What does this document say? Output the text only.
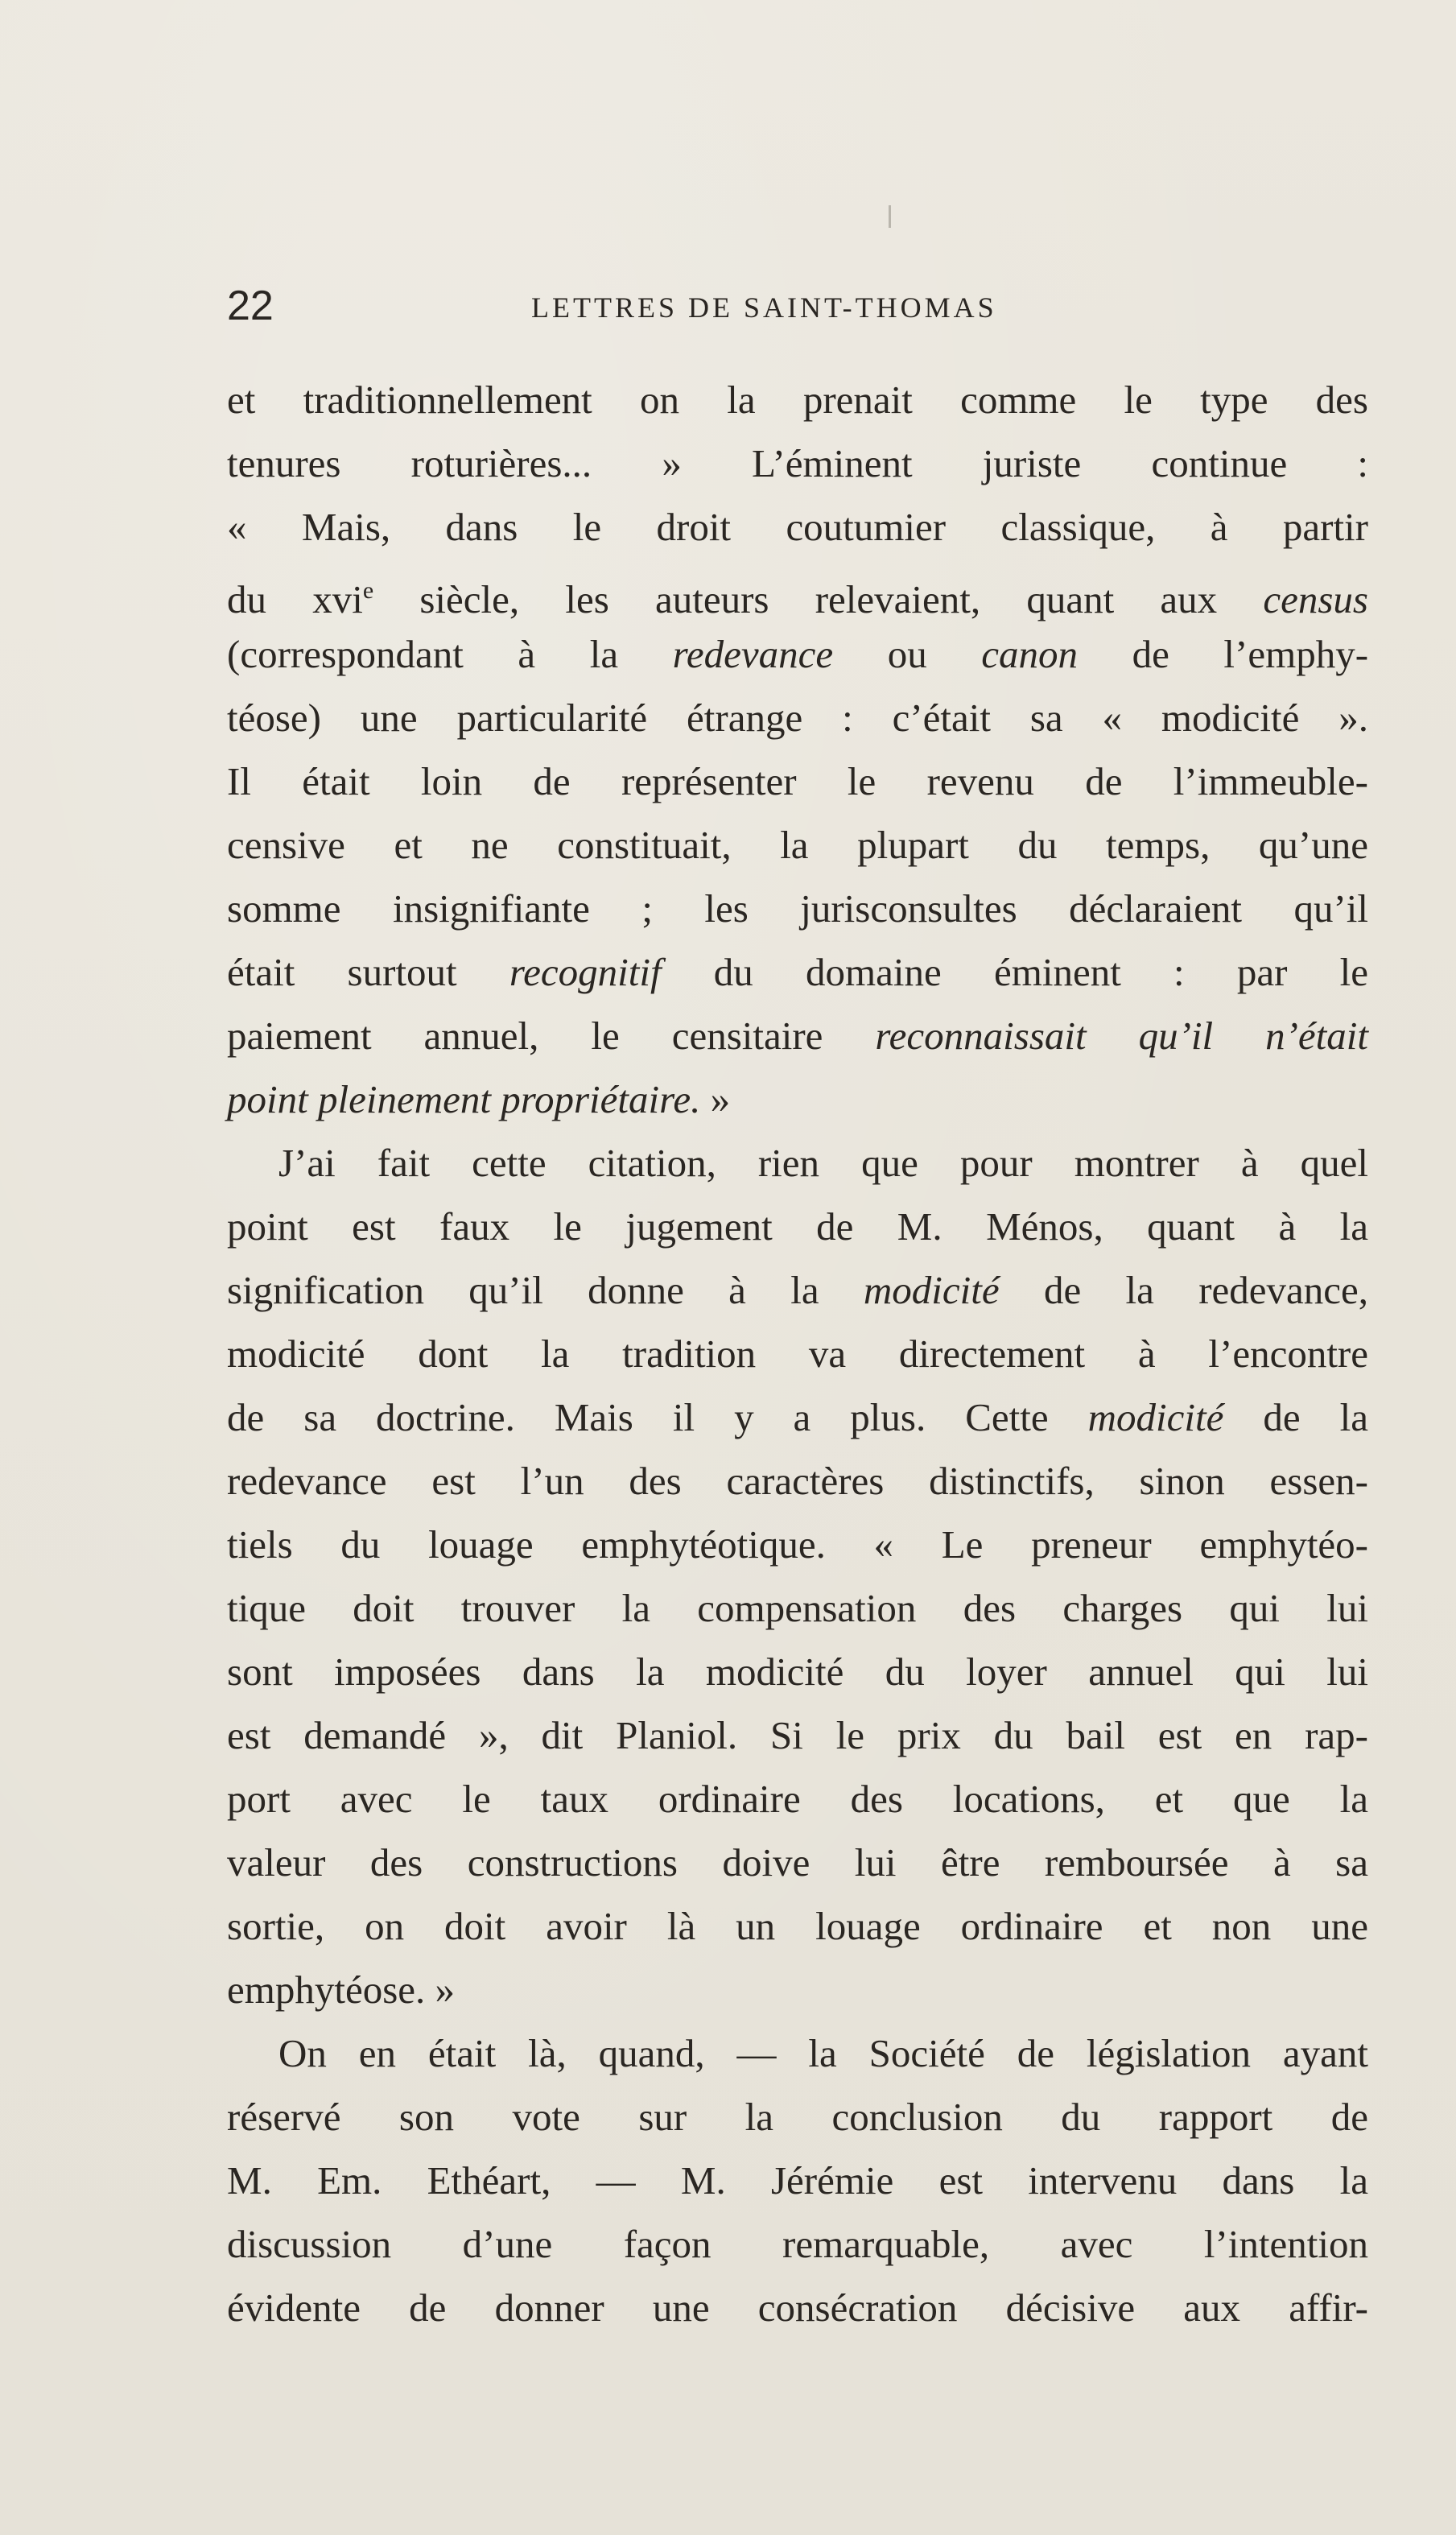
22	LETTRES DE SAINT-THOMAS
et traditionnellement on la prenait comme le type des
tenures roturières... » L’éminent juriste continue :
« Mais, dans le droit coutumier classique, à partir
du xvi$^e$ siècle, les auteurs relevaient, quant aux census
(correspondant à la redevance ou canon de l’emphy-
téose) une particularité étrange : c’était sa « modicité ».
Il était loin de représenter le revenu de l’immeuble-
censive et ne constituait, la plupart du temps, qu’une
somme insignifiante ; les jurisconsultes déclaraient qu’il
était surtout recognitif du domaine éminent : par le
paiement annuel, le censitaire reconnaissait qu’il n’était
point pleinement propriétaire. »
J’ai fait cette citation, rien que pour montrer à quel
point est faux le jugement de M. Ménos, quant à la
signification qu’il donne à la modicité de la redevance,
modicité dont la tradition va directement à l’encontre
de sa doctrine. Mais il y a plus. Cette modicité de la
redevance est l’un des caractères distinctifs, sinon essen-
tiels du louage emphytéotique. « Le preneur emphytéo-
tique doit trouver la compensation des charges qui lui
sont imposées dans la modicité du loyer annuel qui lui
est demandé », dit Planiol. Si le prix du bail est en rap-
port avec le taux ordinaire des locations, et que la
valeur des constructions doive lui être remboursée à sa
sortie, on doit avoir là un louage ordinaire et non une
emphytéose. »
On en était là, quand, — la Société de législation ayant
réservé son vote sur la conclusion du rapport de
M. Em. Ethéart, — M. Jérémie est intervenu dans la
discussion d’une façon remarquable, avec l’intention
évidente de donner une consécration décisive aux affir-
